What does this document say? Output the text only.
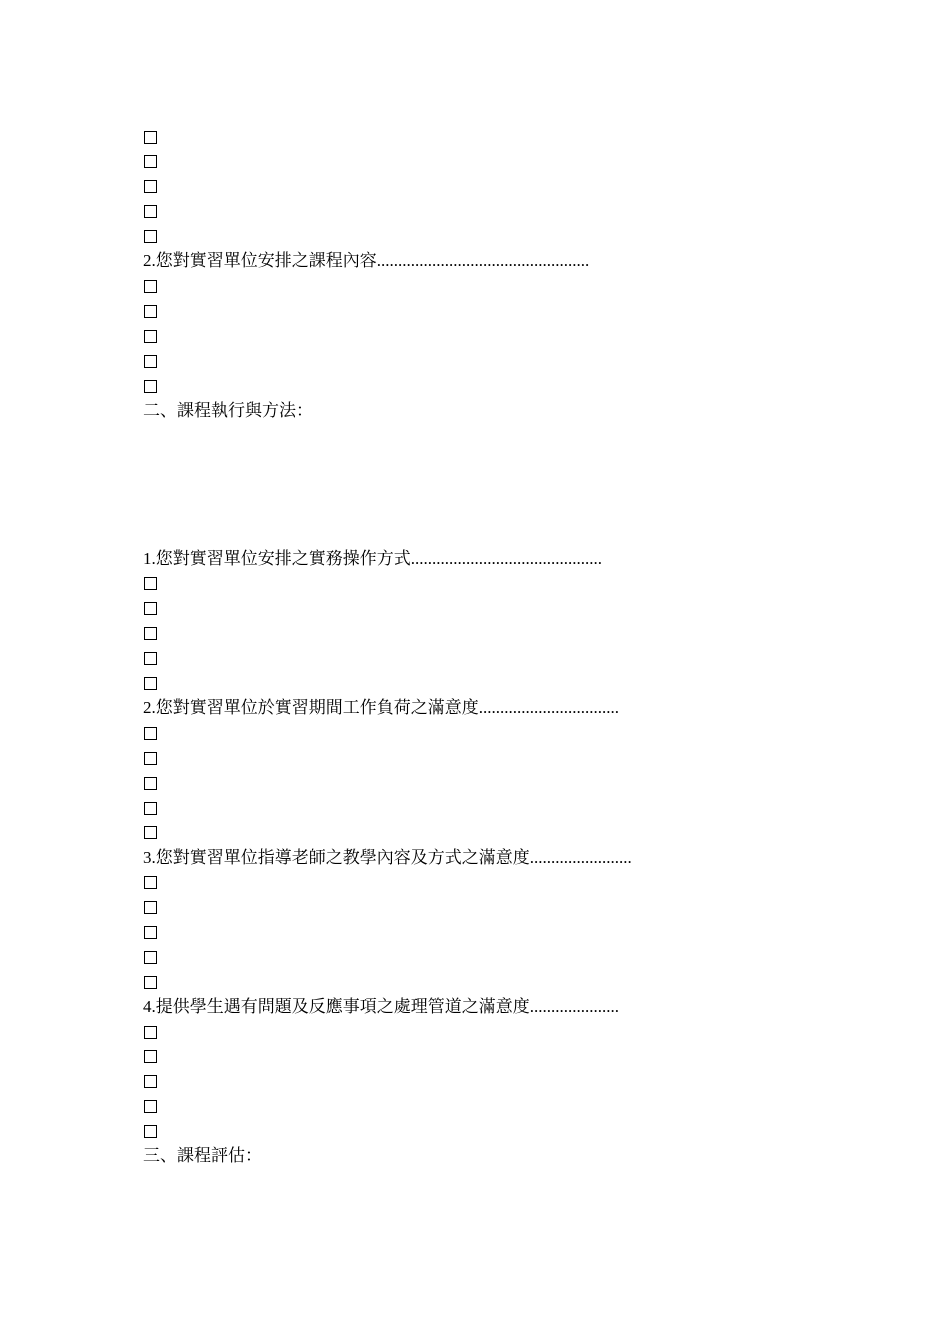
2.您對實習單位安排之課程內容..................................................
二、課程執行與方法：
1.您對實習單位安排之實務操作方式.............................................
2.您對實習單位於實習期間工作負荷之滿意度.................................
3.您對實習單位指導老師之教學內容及方式之滿意度........................
4.提供學生遇有問題及反應事項之處理管道之滿意度.....................
三、課程評估：
